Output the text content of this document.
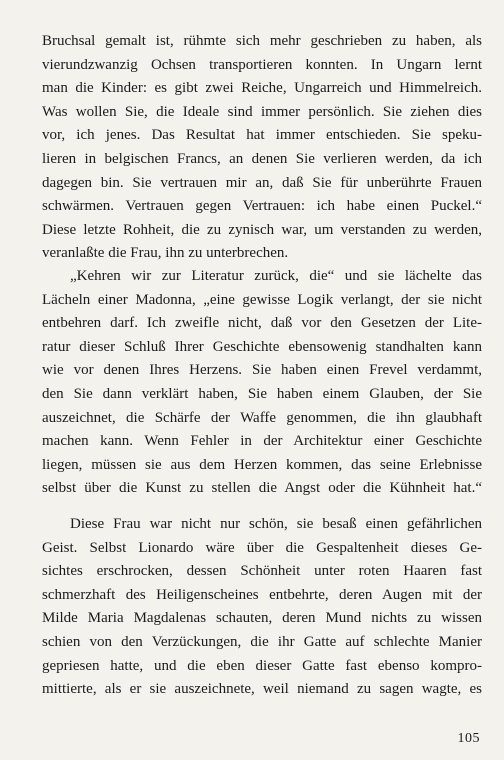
Bruchsal gemalt ist, rühmte sich mehr geschrieben zu haben, als
vierundzwanzig Ochsen transportieren konnten. In Ungarn lernt
man die Kinder: es gibt zwei Reiche, Ungarreich und Himmelreich.
Was wollen Sie, die Ideale sind immer persönlich. Sie ziehen dies
vor, ich jenes. Das Resultat hat immer entschieden. Sie speku-
lieren in belgischen Francs, an denen Sie verlieren werden, da ich
dagegen bin. Sie vertrauen mir an, daß Sie für unberührte Frauen
schwärmen. Vertrauen gegen Vertrauen: ich habe einen Puckel.“
Diese letzte Rohheit, die zu zynisch war, um verstanden zu werden,
veranlaßte die Frau, ihn zu unterbrechen.
„Kehren wir zur Literatur zurück, die“ und sie lächelte das
Lächeln einer Madonna, „eine gewisse Logik verlangt, der sie nicht
entbehren darf. Ich zweifle nicht, daß vor den Gesetzen der Lite-
ratur dieser Schluß Ihrer Geschichte ebensowenig standhalten kann
wie vor denen Ihres Herzens. Sie haben einen Frevel verdammt,
den Sie dann verklärt haben, Sie haben einem Glauben, der Sie
auszeichnet, die Schärfe der Waffe genommen, die ihn glaubhaft
machen kann. Wenn Fehler in der Architektur einer Geschichte
liegen, müssen sie aus dem Herzen kommen, das seine Erlebnisse
selbst über die Kunst zu stellen die Angst oder die Kühnheit hat.“
Diese Frau war nicht nur schön, sie besaß einen gefährlichen
Geist. Selbst Lionardo wäre über die Gespaltenheit dieses Ge-
sichtes erschrocken, dessen Schönheit unter roten Haaren fast
schmerzhaft des Heiligenscheines entbehrte, deren Augen mit der
Milde Maria Magdalenas schauten, deren Mund nichts zu wissen
schien von den Verzückungen, die ihr Gatte auf schlechte Manier
gepriesen hatte, und die eben dieser Gatte fast ebenso kompro-
mittierte, als er sie auszeichnete, weil niemand zu sagen wagte, es
105
